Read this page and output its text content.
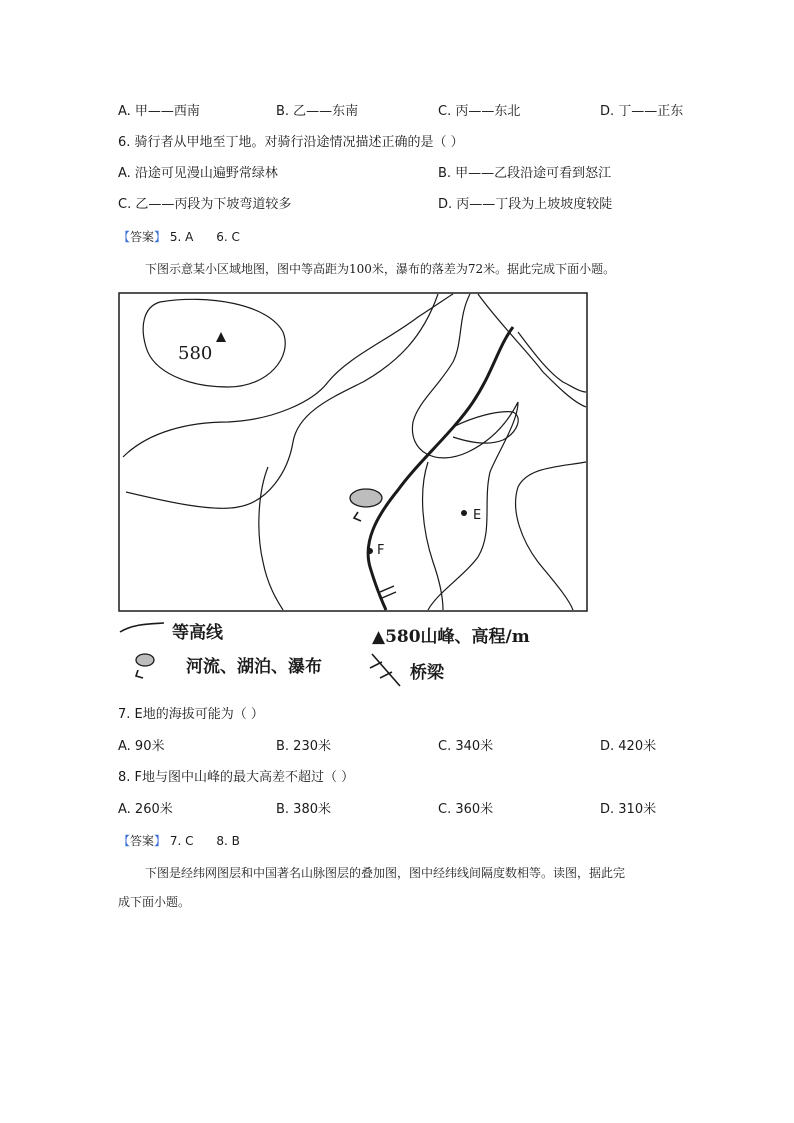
A. 甲——西南	B. 乙——东南	C. 丙——东北	D. 丁——正东
6. 骑行者从甲地至丁地。对骑行沿途情况描述正确的是（ ）
A. 沿途可见漫山遍野常绿林	B. 甲——乙段沿途可看到怒江
C. 乙——丙段为下坡弯道较多	D. 丙——丁段为上坡坡度较陡
【答案】 5. A      6. C
下图示意某小区域地图，图中等高距为100米，瀑布的落差为72米。据此完成下面小题。
580
E
F
等高线	▲580山峰、高程/m
河流、湖泊、瀑布	桥梁
7. E地的海拔可能为（ ）
A. 90米	B. 230米	C. 340米	D. 420米
8. F地与图中山峰的最大高差不超过（ ）
A. 260米	B. 380米	C. 360米	D. 310米
【答案】 7. C      8. B
下图是经纬网图层和中国著名山脉图层的叠加图，图中经纬线间隔度数相等。读图，据此完
成下面小题。
